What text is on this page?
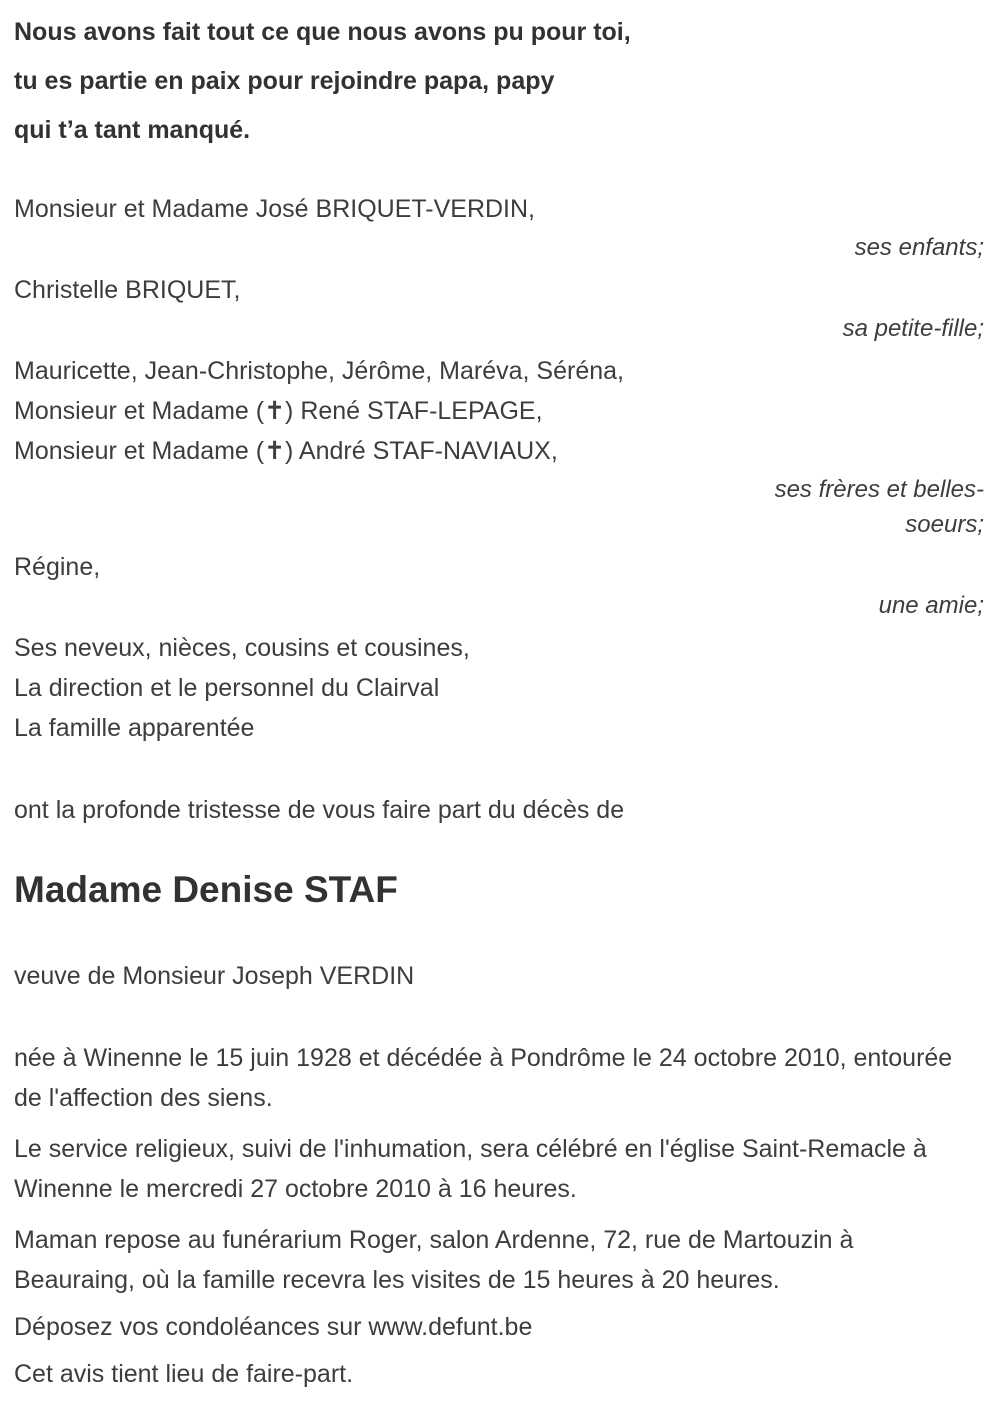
Nous avons fait tout ce que nous avons pu pour toi,
tu es partie en paix pour rejoindre papa, papy
qui t’a tant manqué.
Monsieur et Madame José BRIQUET-VERDIN,
ses enfants;
Christelle BRIQUET,
sa petite-fille;
Mauricette, Jean-Christophe, Jérôme, Maréva, Séréna,
Monsieur et Madame (✝) René STAF-LEPAGE,
Monsieur et Madame (✝) André STAF-NAVIAUX,
ses frères et belles-soeurs;
Régine,
une amie;
Ses neveux, nièces, cousins et cousines,
La direction et le personnel du Clairval
La famille apparentée
ont la profonde tristesse de vous faire part du décès de
Madame Denise STAF
veuve de Monsieur Joseph VERDIN

née à Winenne le 15 juin 1928 et décédée à Pondrôme le 24 octobre 2010, entourée de l'affection des siens.

Le service religieux, suivi de l'inhumation, sera célébré en l'église Saint-Remacle à Winenne le mercredi 27 octobre 2010 à 16 heures.

Maman repose au funérarium Roger, salon Ardenne, 72, rue de Martouzin à Beauraing, où la famille recevra les visites de 15 heures à 20 heures.

Déposez vos condoléances sur www.defunt.be
Cet avis tient lieu de faire-part.
